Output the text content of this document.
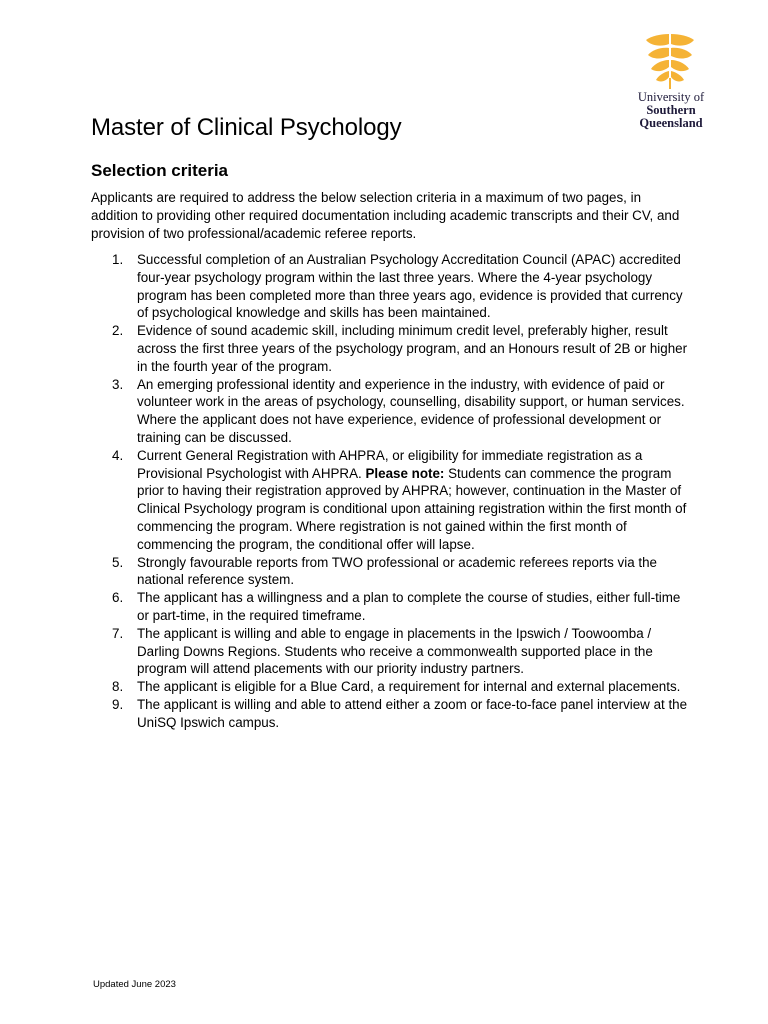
University of
Southern
Queensland
Master of Clinical Psychology
Selection criteria

Applicants are required to address the below selection criteria in a maximum of two pages, in addition to providing other required documentation including academic transcripts and their CV, and provision of two professional/academic referee reports.

1. Successful completion of an Australian Psychology Accreditation Council (APAC) accredited four-year psychology program within the last three years. Where the 4-year psychology program has been completed more than three years ago, evidence is provided that currency of psychological knowledge and skills has been maintained.
2. Evidence of sound academic skill, including minimum credit level, preferably higher, result across the first three years of the psychology program, and an Honours result of 2B or higher in the fourth year of the program.
3. An emerging professional identity and experience in the industry, with evidence of paid or volunteer work in the areas of psychology, counselling, disability support, or human services. Where the applicant does not have experience, evidence of professional development or training can be discussed.
4. Current General Registration with AHPRA, or eligibility for immediate registration as a Provisional Psychologist with AHPRA. Please note: Students can commence the program prior to having their registration approved by AHPRA; however, continuation in the Master of Clinical Psychology program is conditional upon attaining registration within the first month of commencing the program. Where registration is not gained within the first month of commencing the program, the conditional offer will lapse.
5. Strongly favourable reports from TWO professional or academic referees reports via the national reference system.
6. The applicant has a willingness and a plan to complete the course of studies, either full-time or part-time, in the required timeframe.
7. The applicant is willing and able to engage in placements in the Ipswich / Toowoomba / Darling Downs Regions. Students who receive a commonwealth supported place in the program will attend placements with our priority industry partners.
8. The applicant is eligible for a Blue Card, a requirement for internal and external placements.
9. The applicant is willing and able to attend either a zoom or face-to-face panel interview at the UniSQ Ipswich campus.

Updated June 2023
